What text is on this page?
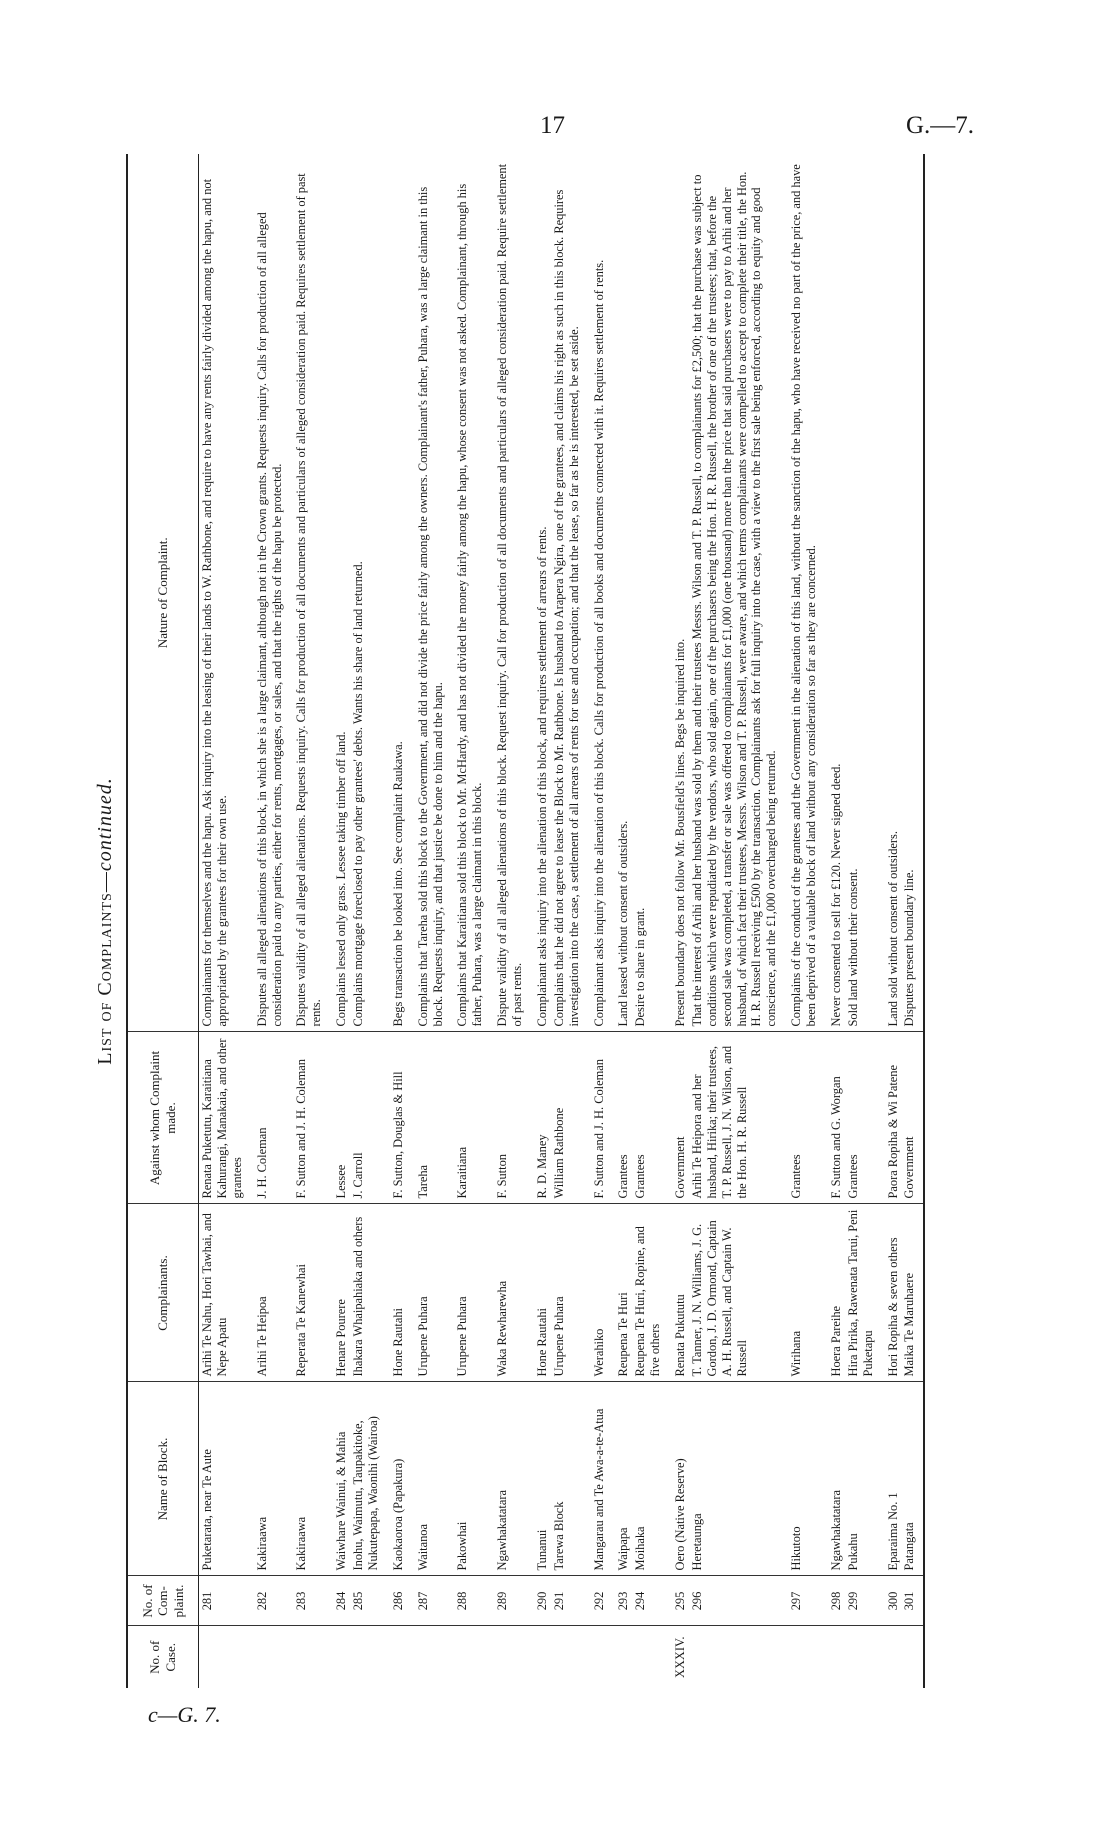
17	G.—7.
c—G. 7.
List of Complaints—continued.
No. of Case.	No. of Com-plaint.	Name of Block.	Complainants.	Against whom Complaint made.	Nature of Complaint.
	281	Puketarata, near Te Aute	Arihi Te Nahu, Hori Tawhai, and Nepe Apatu	Renata Puketutu, Karaitiana Kahurangi, Manakaia, and other grantees	Complainants for themselves and the hapu. Ask inquiry into the leasing of their lands to W. Rathbone, and require to have any rents fairly divided among the hapu, and not appropriated by the grantees for their own use.
	282	Kakiraawa	Arihi Te Heipoa	J. H. Coleman	Disputes all alleged alienations of this block, in which she is a large claimant, although not in the Crown grants. Requests inquiry. Calls for production of all alleged consideration paid to any parties, either for rents, mortgages, or sales, and that the rights of the hapu be protected.
	283	Kakiraawa	Reperata Te Kanewhai	F. Sutton and J. H. Coleman	Disputes validity of all alleged alienations. Requests inquiry. Calls for production of all documents and particulars of alleged consideration paid. Requires settlement of past rents.
	284	Waiwhare Wainui, & Mahia	Henare Pourere	Lessee	Complains lessed only grass. Lessee taking timber off land.
	285	Inohu, Waimutu, Taupakitoke, Nukutepapa, Waonihi (Wairoa)	Ihakara Whaipahiaka and others	J. Carroll	Complains mortgage foreclosed to pay other grantees' debts. Wants his share of land returned.
	286	Kaokaoroa (Papakura)	Hone Rautahi	F. Sutton, Douglas & Hill	Begs transaction be looked into. See complaint Raukawa.
	287	Waitanoa	Urupene Puhara	Tareha	Complains that Tareha sold this block to the Government, and did not divide the price fairly among the owners. Complainant's father, Puhara, was a large claimant in this block. Requests inquiry, and that justice be done to him and the hapu.
	288	Pakowhai	Urupene Puhara	Karaitiana	Complains that Karaitiana sold this block to Mr. McHardy, and has not divided the money fairly among the hapu, whose consent was not asked. Complainant, through his father, Puhara, was a large claimant in this block.
	289	Ngawhakatatara	Waka Rewharewha	F. Sutton	Dispute validity of all alleged alienations of this block. Request inquiry. Call for production of all documents and particulars of alleged consideration paid. Require settlement of past rents.
	290	Tunanui	Hone Rautahi	R. D. Maney	Complainant asks inquiry into the alienation of this block, and requires settlement of arrears of rents.
	291	Tarewa Block	Urupene Puhara	William Rathbone	Complains that he did not agree to lease the Block to Mr. Rathbone. Is husband to Arapera Ngira, one of the grantees, and claims his right as such in this block. Requires investigation into the case, a settlement of all arrears of rents for use and occupation; and that the lease, so far as he is interested, be set aside.
	292	Mangarau and Te Awa-a-te-Atua	Werahiko	F. Sutton and J. H. Coleman	Complainant asks inquiry into the alienation of this block. Calls for production of all books and documents connected with it. Requires settlement of rents.
	293	Waipapa	Reupena Te Huri	Grantees	Land leased without consent of outsiders.
	294	Moihaka	Reupena Te Huri, Ropine, and five others	Grantees	Desire to share in grant.
XXXIV.	295	Oero (Native Reserve)	Renata Pukututu	Government	Present boundary does not follow Mr. Bousfield's lines. Begs be inquired into.
	296	Heretaunga	T. Tanner, J. N. Williams, J. G. Gordon, J. D. Ormond, Captain A. H. Russell, and Captain W. Russell	Arihi Te Heipora and her husband, Hirika; their trustees, T. P. Russell, J. N. Wilson, and the Hon. H. R. Russell	That the interest of Arihi and her husband was sold by them and their trustees Messrs. Wilson and T. P. Russell, to complainants for £2,500; that the purchase was subject to conditions which were repudiated by the vendors, who sold again, one of the purchasers being the Hon. H. R. Russell, the brother of one of the trustees; that, before the second sale was completed, a transfer or sale was offered to complainants for £1,000 (one thousand) more than the price that said purchasers were to pay to Arihi and her husband, of which fact their trustees, Messrs. Wilson and T. P. Russell, were aware, and which terms complainants were compelled to accept to complete their title, the Hon. H. R. Russell receiving £500 by the transaction. Complainants ask for full inquiry into the case, with a view to the first sale being enforced, according to equity and good conscience, and the £1,000 overcharged being returned.
	297	Hikutoto	Wirihana	Grantees	Complains of the conduct of the grantees and the Government in the alienation of this land, without the sanction of the hapu, who have received no part of the price, and have been deprived of a valuable block of land without any consideration so far as they are concerned.
	298	Ngawhakatatara	Hoera Pareihe	F. Sutton and G. Worgan	Never consented to sell for £120. Never signed deed.
	299	Pukahu	Hira Pirika, Rawenata Tarui, Peni Puketapu	Grantees	Sold land without their consent.
	300	Eparaima No. 1	Hori Ropiha & seven others	Paora Ropiha & Wi Patene	Land sold without consent of outsiders.
	301	Patangata	Maika Te Maruhaere	Government	Disputes present boundary line.
